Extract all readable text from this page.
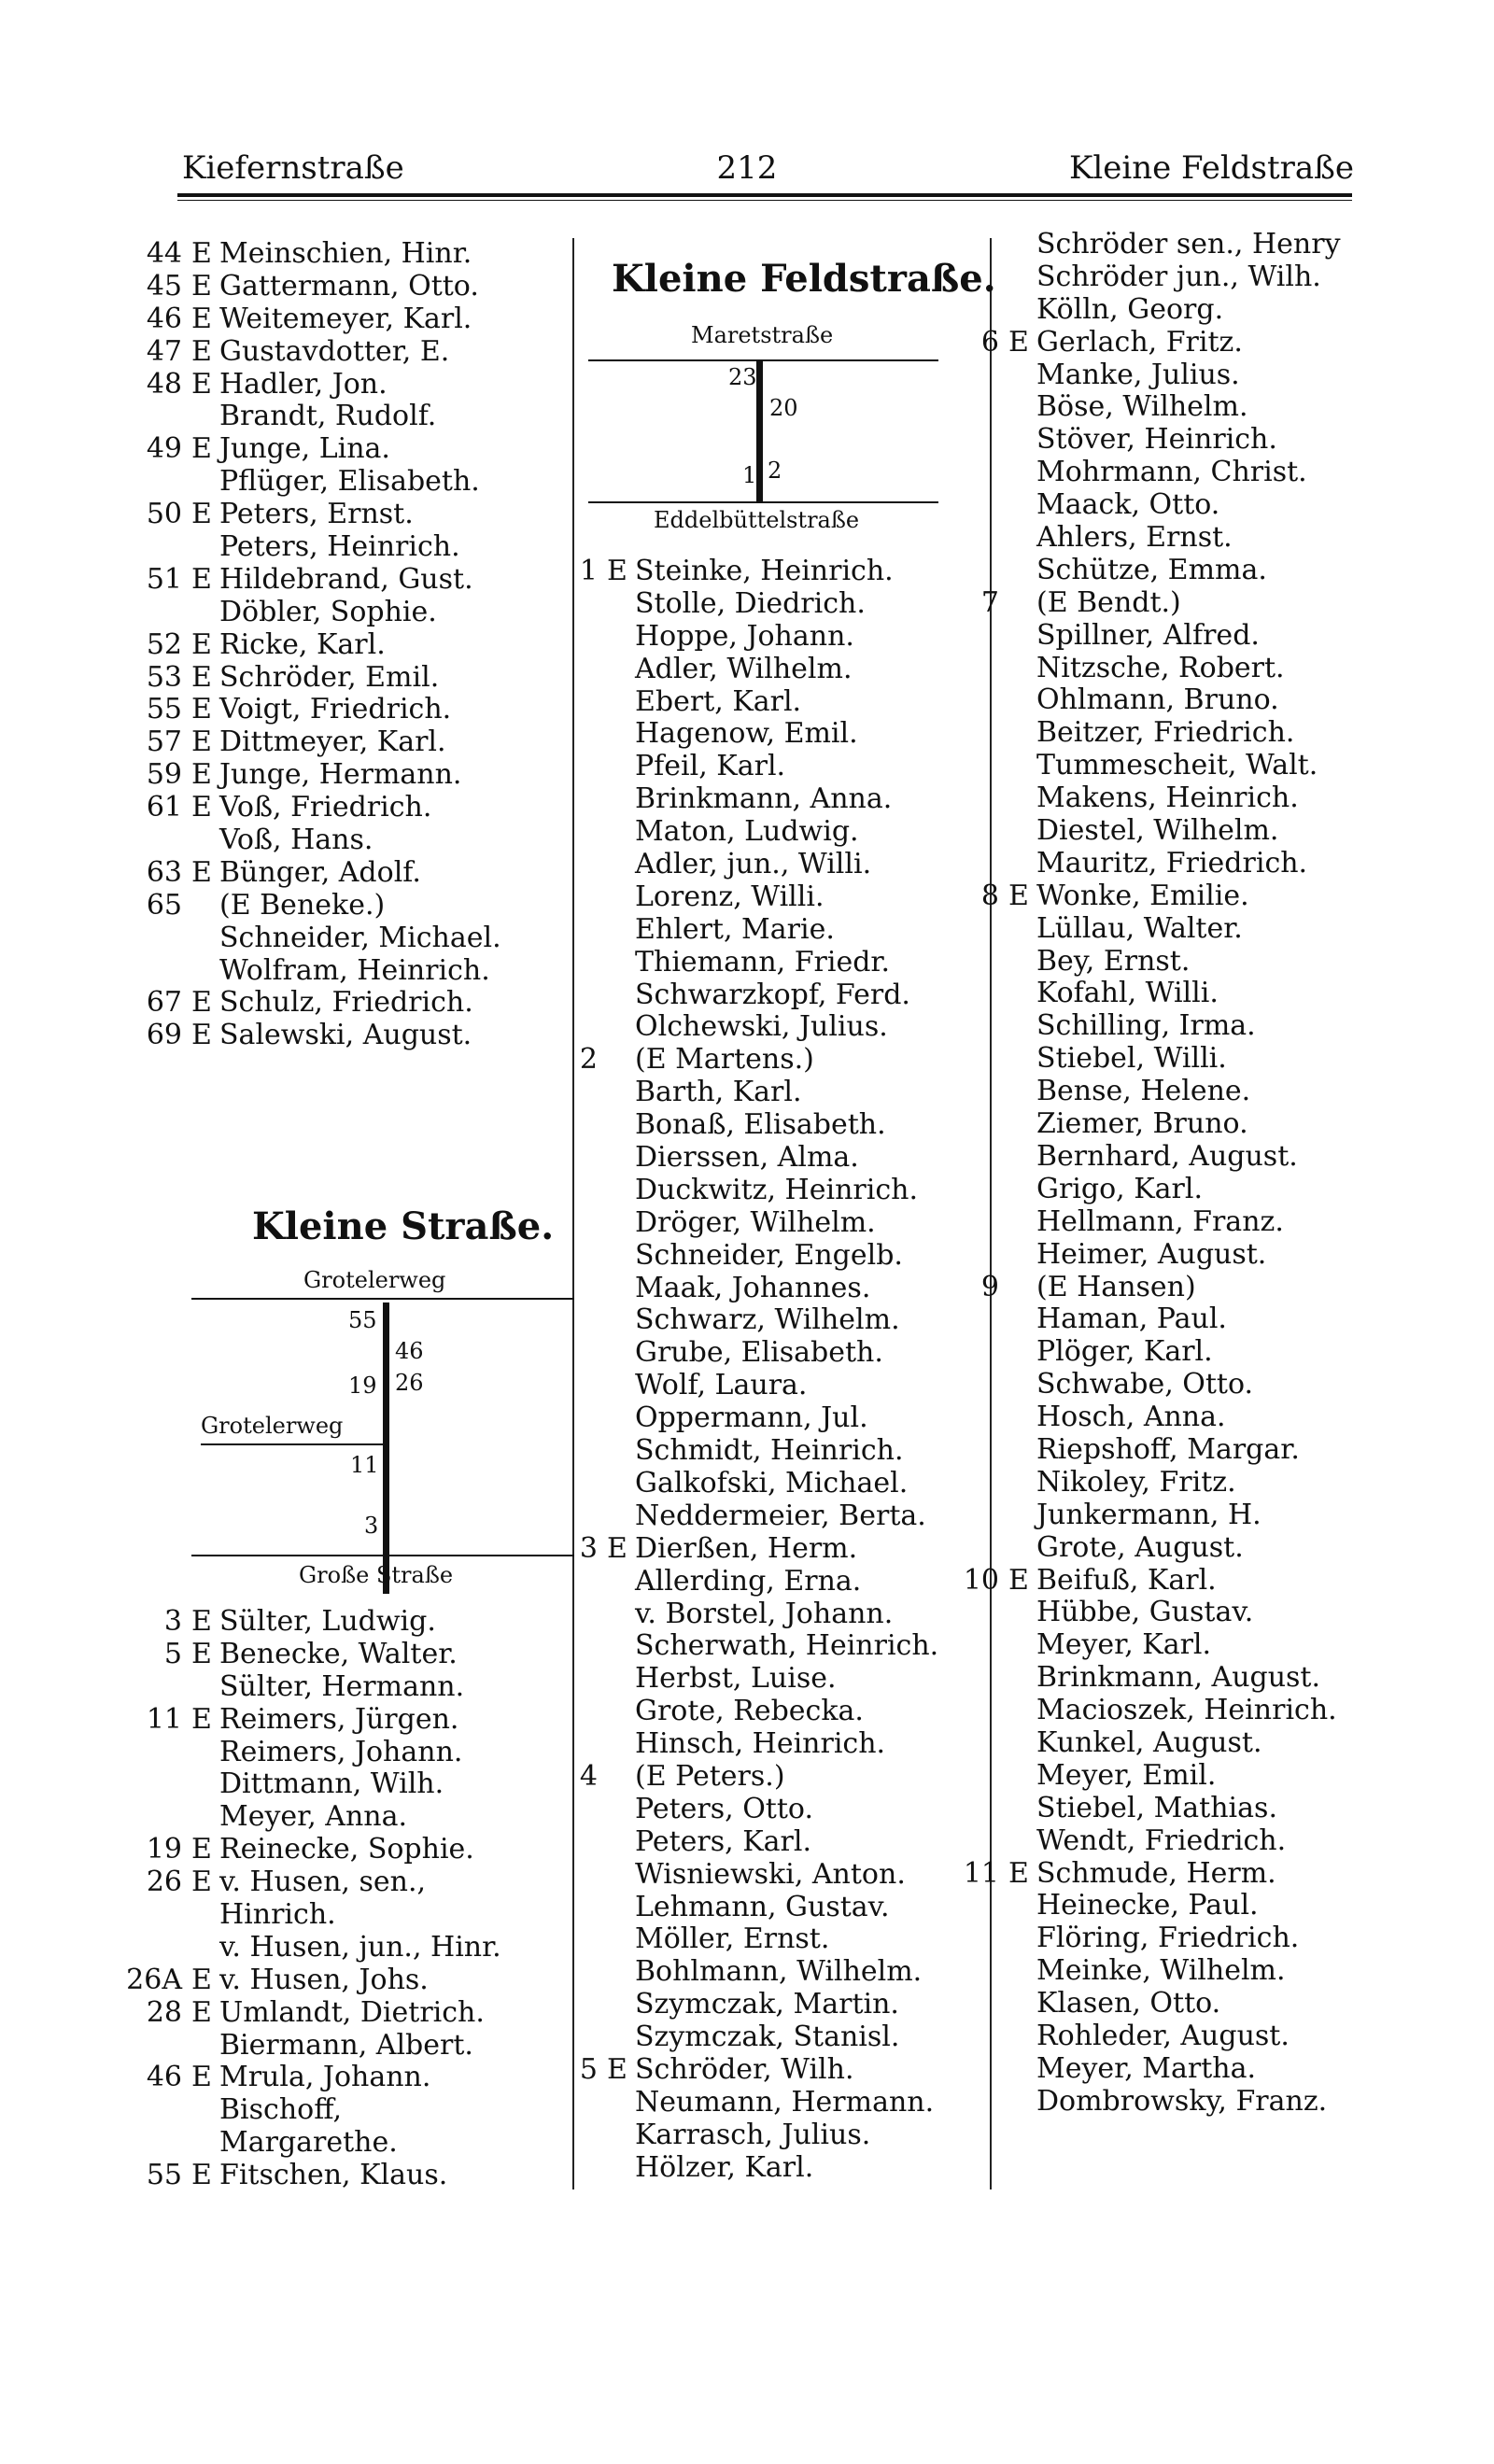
Kiefernstraße	212	Kleine Feldstraße
44 E Meinschien, Hinr.
45 E Gattermann, Otto.
46 E Weitemeyer, Karl.
47 E Gustavdotter, E.
48 E Hadler, Jon.
Brandt, Rudolf.
49 E Junge, Lina.
Pflüger, Elisabeth.
50 E Peters, Ernst.
Peters, Heinrich.
51 E Hildebrand, Gust.
Döbler, Sophie.
52 E Ricke, Karl.
53 E Schröder, Emil.
55 E Voigt, Friedrich.
57 E Dittmeyer, Karl.
59 E Junge, Hermann.
61 E Voß, Friedrich.
Voß, Hans.
63 E Bünger, Adolf.
65 (E Beneke.)
Schneider, Michael.
Wolfram, Heinrich.
67 E Schulz, Friedrich.
69 E Salewski, August.
Kleine Straße.
Grotelerweg
55
46
19 26
Grotelerweg
11
3
Große Straße
3 E Sülter, Ludwig.
5 E Benecke, Walter.
Sülter, Hermann.
11 E Reimers, Jürgen.
Reimers, Johann.
Dittmann, Wilh.
Meyer, Anna.
19 E Reinecke, Sophie.
26 E v. Husen, sen.,
Hinrich.
v. Husen, jun., Hinr.
26A E v. Husen, Johs.
28 E Umlandt, Dietrich.
Biermann, Albert.
46 E Mrula, Johann.
Bischoff,
Margarethe.
55 E Fitschen, Klaus.
Kleine Feldstraße.
Maretstraße
23
20
1 2
Eddelbüttelstraße
1 E Steinke, Heinrich.
Stolle, Diedrich.
Hoppe, Johann.
Adler, Wilhelm.
Ebert, Karl.
Hagenow, Emil.
Pfeil, Karl.
Brinkmann, Anna.
Maton, Ludwig.
Adler, jun., Willi.
Lorenz, Willi.
Ehlert, Marie.
Thiemann, Friedr.
Schwarzkopf, Ferd.
Olchewski, Julius.
2 (E Martens.)
Barth, Karl.
Bonaß, Elisabeth.
Dierssen, Alma.
Duckwitz, Heinrich.
Dröger, Wilhelm.
Schneider, Engelb.
Maak, Johannes.
Schwarz, Wilhelm.
Grube, Elisabeth.
Wolf, Laura.
Oppermann, Jul.
Schmidt, Heinrich.
Galkofski, Michael.
Neddermeier, Berta.
3 E Dierßen, Herm.
Allerding, Erna.
v. Borstel, Johann.
Scherwath, Heinrich.
Herbst, Luise.
Grote, Rebecka.
Hinsch, Heinrich.
4 (E Peters.)
Peters, Otto.
Peters, Karl.
Wisniewski, Anton.
Lehmann, Gustav.
Möller, Ernst.
Bohlmann, Wilhelm.
Szymczak, Martin.
Szymczak, Stanisl.
5 E Schröder, Wilh.
Neumann, Hermann.
Karrasch, Julius.
Hölzer, Karl.
Schröder sen., Henry
Schröder jun., Wilh.
Kölln, Georg.
6 E Gerlach, Fritz.
Manke, Julius.
Böse, Wilhelm.
Stöver, Heinrich.
Mohrmann, Christ.
Maack, Otto.
Ahlers, Ernst.
Schütze, Emma.
7 (E Bendt.)
Spillner, Alfred.
Nitzsche, Robert.
Ohlmann, Bruno.
Beitzer, Friedrich.
Tummescheit, Walt.
Makens, Heinrich.
Diestel, Wilhelm.
Mauritz, Friedrich.
8 E Wonke, Emilie.
Lüllau, Walter.
Bey, Ernst.
Kofahl, Willi.
Schilling, Irma.
Stiebel, Willi.
Bense, Helene.
Ziemer, Bruno.
Bernhard, August.
Grigo, Karl.
Hellmann, Franz.
Heimer, August.
9 (E Hansen)
Haman, Paul.
Plöger, Karl.
Schwabe, Otto.
Hosch, Anna.
Riepshoff, Margar.
Nikoley, Fritz.
Junkermann, H.
Grote, August.
10 E Beifuß, Karl.
Hübbe, Gustav.
Meyer, Karl.
Brinkmann, August.
Macioszek, Heinrich.
Kunkel, August.
Meyer, Emil.
Stiebel, Mathias.
Wendt, Friedrich.
11 E Schmude, Herm.
Heinecke, Paul.
Flöring, Friedrich.
Meinke, Wilhelm.
Klasen, Otto.
Rohleder, August.
Meyer, Martha.
Dombrowsky, Franz.
